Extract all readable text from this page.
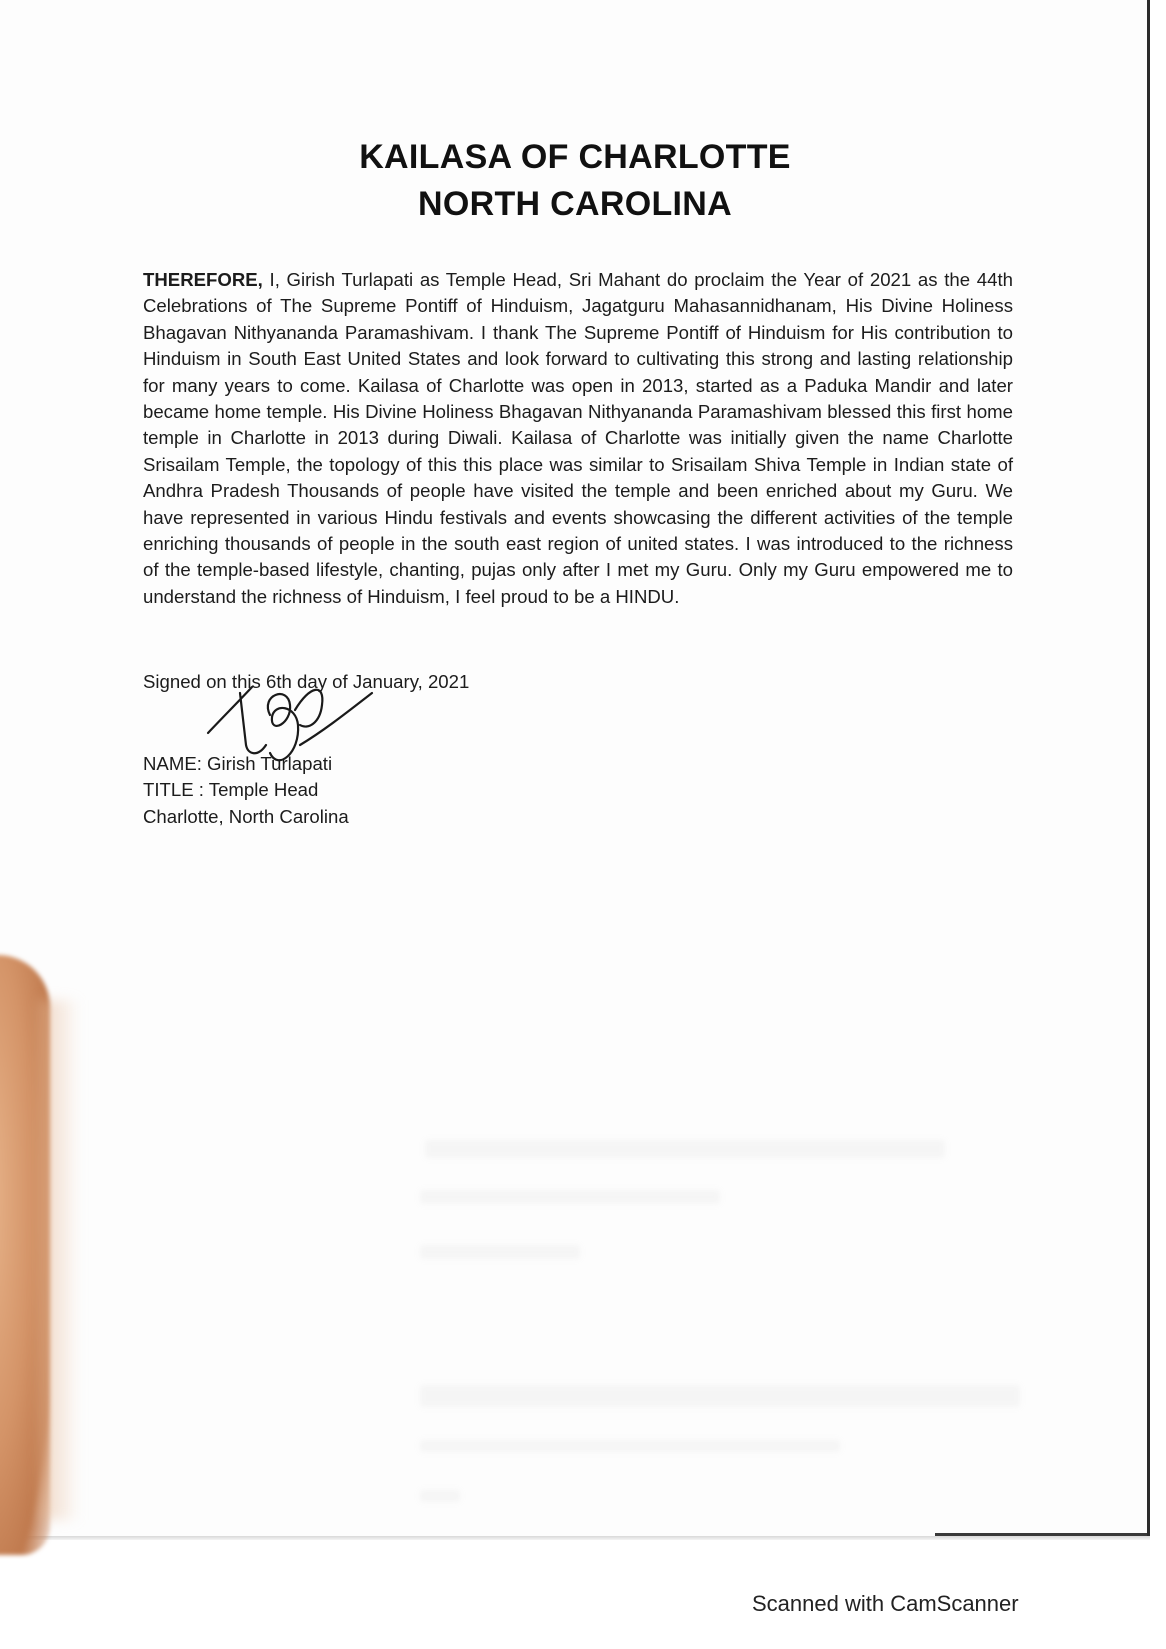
KAILASA OF CHARLOTTE
NORTH CAROLINA

THEREFORE, I, Girish Turlapati as Temple Head, Sri Mahant do proclaim the Year of 2021 as the 44th Celebrations of The Supreme Pontiff of Hinduism, Jagatguru Mahasannidhanam, His Divine Holiness Bhagavan Nithyananda Paramashivam. I thank The Supreme Pontiff of Hinduism for His contribution to Hinduism in South East United States and look forward to cultivating this strong and lasting relationship for many years to come. Kailasa of Charlotte was open in 2013, started as a Paduka Mandir and later became home temple. His Divine Holiness Bhagavan Nithyananda Paramashivam blessed this first home temple in Charlotte in 2013 during Diwali. Kailasa of Charlotte was initially given the name Charlotte Srisailam Temple, the topology of this this place was similar to Srisailam Shiva Temple in Indian state of Andhra Pradesh Thousands of people have visited the temple and been enriched about my Guru. We have represented in various Hindu festivals and events showcasing the different activities of the temple enriching thousands of people in the south east region of united states. I was introduced to the richness of the temple-based lifestyle, chanting, pujas only after I met my Guru. Only my Guru empowered me to understand the richness of Hinduism, I feel proud to be a HINDU.

Signed on this 6th day of January, 2021

NAME: Girish Turlapati

TITLE : Temple Head

Charlotte, North Carolina

Scanned with CamScanner
